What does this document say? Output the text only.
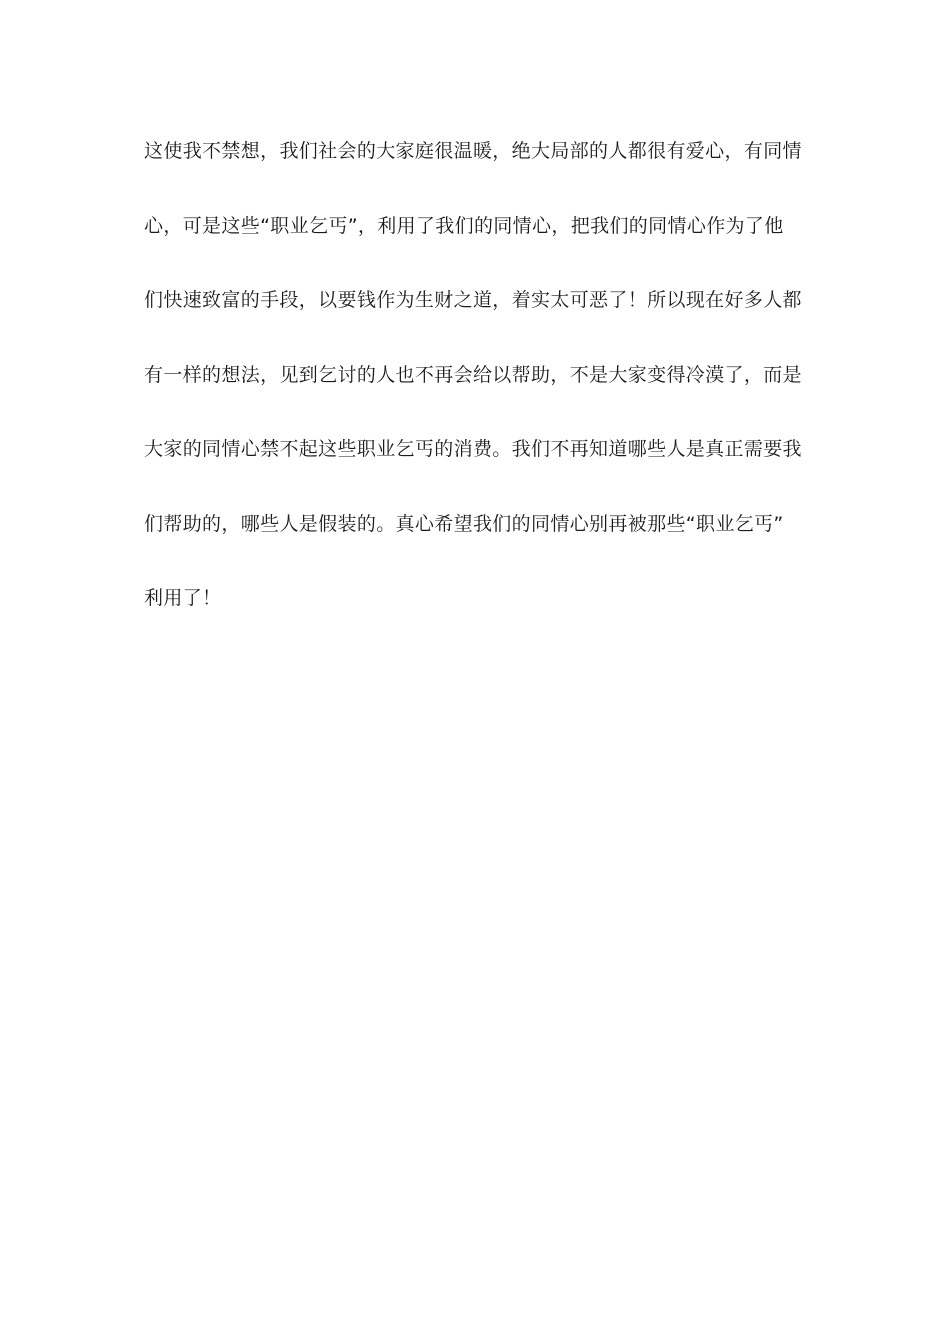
这使我不禁想，我们社会的大家庭很温暖，绝大局部的人都很有爱心，有同情
心，可是这些“职业乞丐”，利用了我们的同情心，把我们的同情心作为了他
们快速致富的手段，以要钱作为生财之道，着实太可恶了！所以现在好多人都
有一样的想法，见到乞讨的人也不再会给以帮助，不是大家变得冷漠了，而是
大家的同情心禁不起这些职业乞丐的消费。我们不再知道哪些人是真正需要我
们帮助的，哪些人是假装的。真心希望我们的同情心别再被那些“职业乞丐”
利用了！
